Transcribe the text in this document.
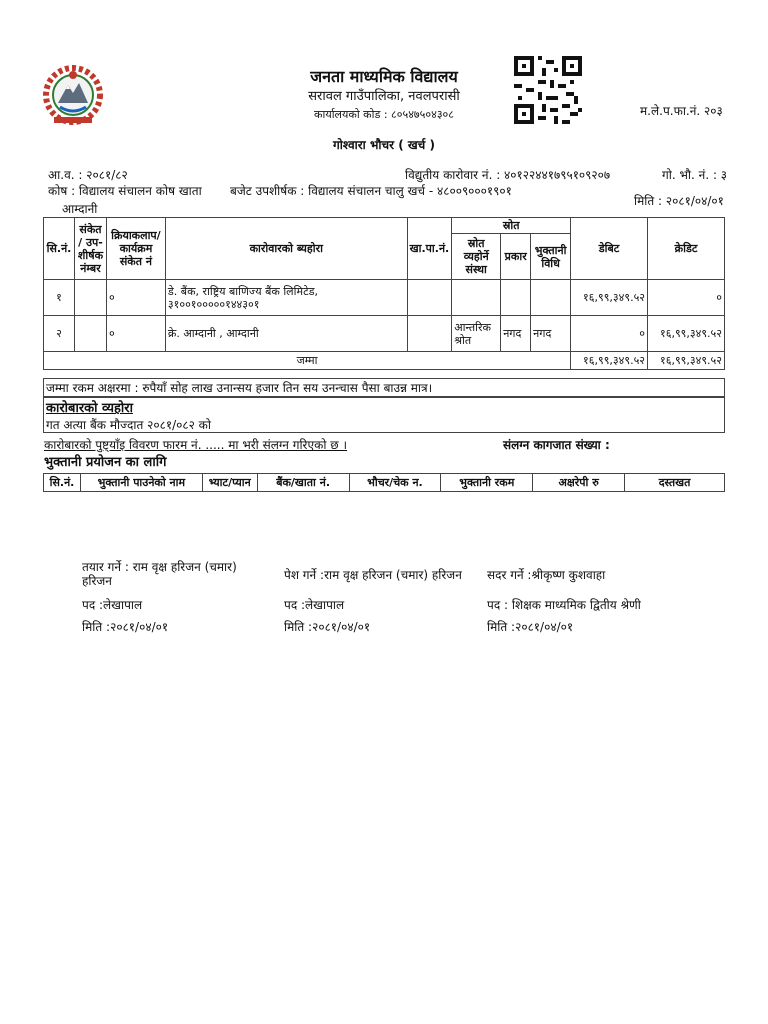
जनता माध्यमिक विद्यालय
सरावल गाउँपालिका, नवलपरासी
कार्यालयको कोड : ८०५४७५०४३०८	म.ले.प.फा.नं. २०३
गोश्वारा भौचर ( खर्च )
आ.व. : २०८१/८२	विद्युतीय कारोवार नं. : ४०१२२४४१७९५१०९२०७	गो. भौ. नं. : ३
कोष : विद्यालय संचालन कोष खाता बजेट उपशीर्षक : विद्यालय संचालन चालु खर्च - ४८००९०००१९०१
आम्दानी
मिति : २०८१/०४/०१
सि.नं.	संकेत / उप-शीर्षक नंम्बर	क्रियाकलाप/ कार्यक्रम संकेत नं	कारोवारको ब्यहोरा	खा.पा.नं.	स्रोत			डेबिट	क्रेडिट
					स्रोत व्यहोर्ने संस्था	प्रकार	भुक्तानी विधि		
१		०	डे. बैंक, राष्ट्रिय बाणिज्य बैंक लिमिटेड, ३१००१०००००१४४३०१					१६,९९,३४९.५२	०
२		०	क्रे. आम्दानी , आम्दानी		आन्तरिक श्रोत	नगद	नगद	०	१६,९९,३४९.५२
जम्मा								१६,९९,३४९.५२	१६,९९,३४९.५२
जम्मा रकम अक्षरमा : रुपैयाँ सोह लाख उनान्सय हजार तिन सय उनन्चास पैसा बाउन्न मात्र।
कारोबारको व्यहोरा
गत अत्या बैंक मौज्दात २०८१/०८२ को
कारोबारको पुष्ट्याँइ विवरण फारम नं. ..... मा भरी संलग्न गरिएको छ ।	संलग्न कागजात संख्या :
भुक्तानी प्रयोजन का लागि
सि.नं.	भुक्तानी पाउनेको नाम	भ्याट/प्यान	बैंक/खाता नं.	भौचर/चेक न.	भुक्तानी रकम	अक्षरेपी रु	दस्तखत
तयार गर्ने : राम वृक्ष हरिजन (चमार)
हरिजन
पद :लेखापाल
मिति :२०८१/०४/०१
पेश गर्ने :राम वृक्ष हरिजन (चमार) हरिजन
पद :लेखापाल
मिति :२०८१/०४/०१
सदर गर्ने :श्रीकृष्ण कुशवाहा
पद : शिक्षक माध्यमिक द्वितीय श्रेणी
मिति :२०८१/०४/०१
